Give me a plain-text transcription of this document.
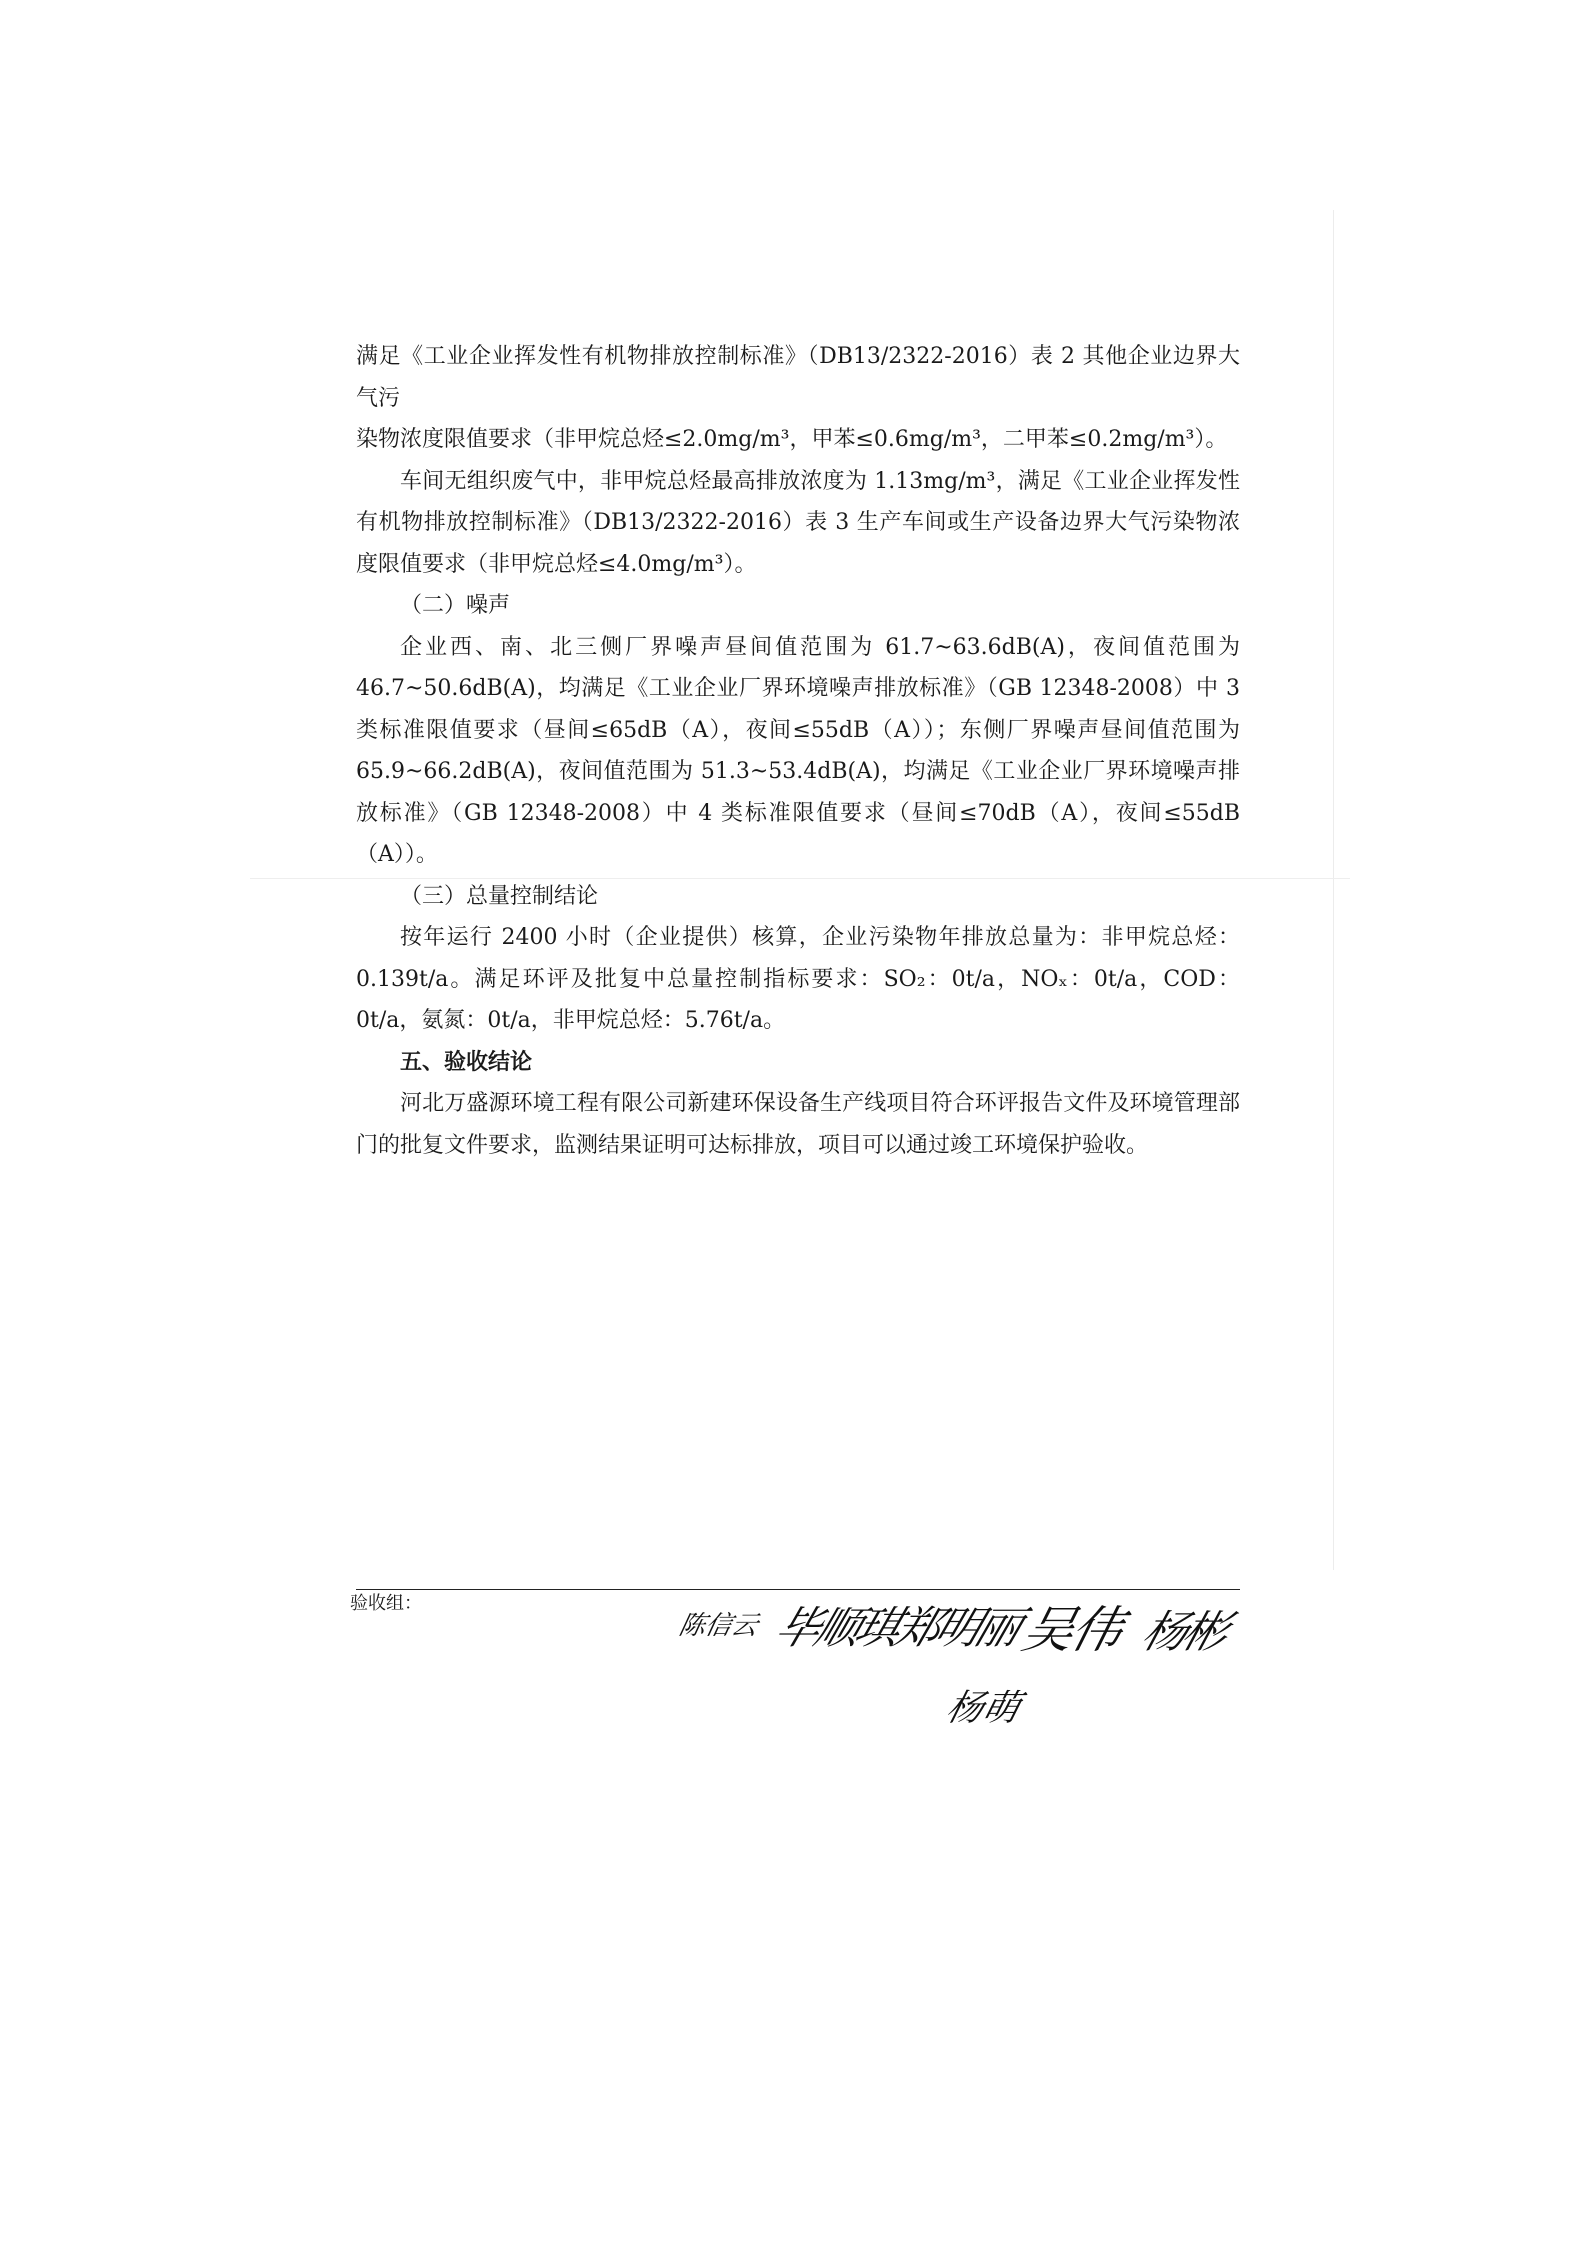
满足《工业企业挥发性有机物排放控制标准》（DB13/2322-2016）表 2 其他企业边界大气污

染物浓度限值要求（非甲烷总烃≤2.0mg/m³，甲苯≤0.6mg/m³，二甲苯≤0.2mg/m³）。

车间无组织废气中，非甲烷总烃最高排放浓度为 1.13mg/m³，满足《工业企业挥发性有机物排放控制标准》（DB13/2322-2016）表 3 生产车间或生产设备边界大气污染物浓度限值要求（非甲烷总烃≤4.0mg/m³）。

（二）噪声

企业西、南、北三侧厂界噪声昼间值范围为 61.7~63.6dB(A)，夜间值范围为 46.7~50.6dB(A)，均满足《工业企业厂界环境噪声排放标准》（GB 12348-2008）中 3 类标准限值要求（昼间≤65dB（A），夜间≤55dB（A））；东侧厂界噪声昼间值范围为 65.9~66.2dB(A)，夜间值范围为 51.3~53.4dB(A)，均满足《工业企业厂界环境噪声排放标准》（GB 12348-2008）中 4 类标准限值要求（昼间≤70dB（A），夜间≤55dB（A））。

（三）总量控制结论

按年运行 2400 小时（企业提供）核算，企业污染物年排放总量为：非甲烷总烃：0.139t/a。满足环评及批复中总量控制指标要求：SO₂：0t/a，NOₓ：0t/a，COD：0t/a，氨氮：0t/a，非甲烷总烃：5.76t/a。

五、验收结论

河北万盛源环境工程有限公司新建环保设备生产线项目符合环评报告文件及环境管理部门的批复文件要求，监测结果证明可达标排放，项目可以通过竣工环境保护验收。

验收组：
陈信云 毕顺琪郑明丽
吴伟 杨彬
杨萌
